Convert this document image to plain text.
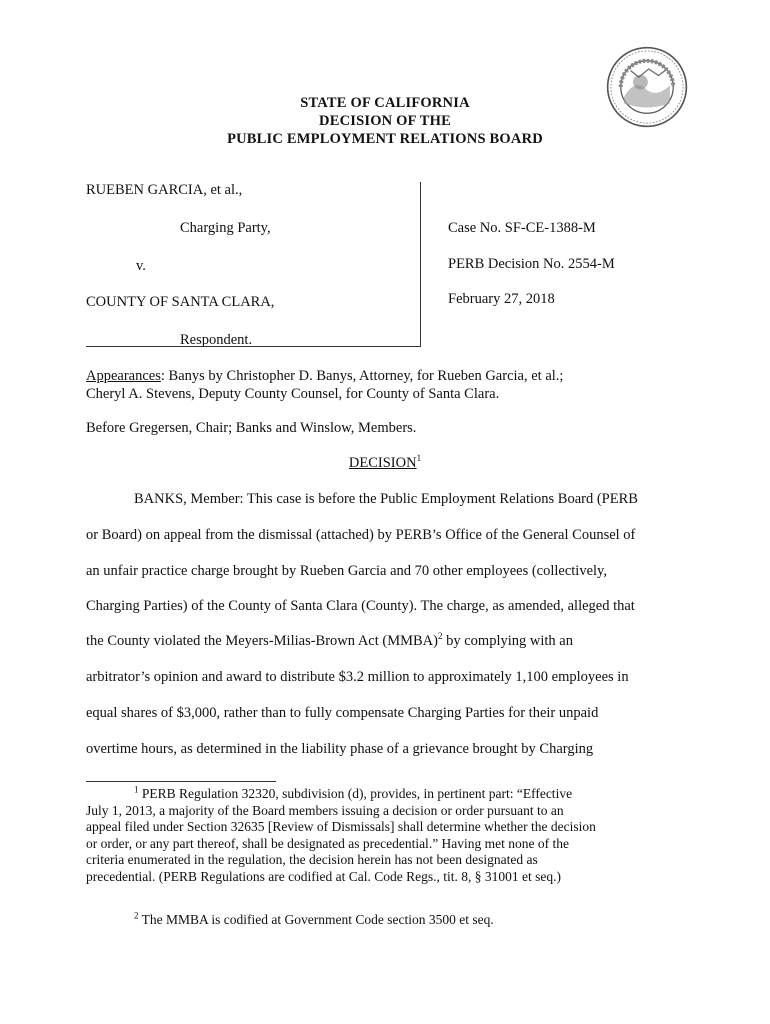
STATE OF CALIFORNIA
DECISION OF THE
PUBLIC EMPLOYMENT RELATIONS BOARD
RUEBEN GARCIA, et al.,
Charging Party,
v.
COUNTY OF SANTA CLARA,
Respondent.
Case No. SF-CE-1388-M
PERB Decision No. 2554-M
February 27, 2018
Appearances: Banys by Christopher D. Banys, Attorney, for Rueben Garcia, et al.;
Cheryl A. Stevens, Deputy County Counsel, for County of Santa Clara.
Before Gregersen, Chair; Banks and Winslow, Members.
DECISION$^1$
BANKS, Member: This case is before the Public Employment Relations Board (PERB
or Board) on appeal from the dismissal (attached) by PERB’s Office of the General Counsel of
an unfair practice charge brought by Rueben Garcia and 70 other employees (collectively,
Charging Parties) of the County of Santa Clara (County). The charge, as amended, alleged that
the County violated the Meyers-Milias-Brown Act (MMBA)$^2$ by complying with an
arbitrator’s opinion and award to distribute $3.2 million to approximately 1,100 employees in
equal shares of $3,000, rather than to fully compensate Charging Parties for their unpaid
overtime hours, as determined in the liability phase of a grievance brought by Charging
$^1$ PERB Regulation 32320, subdivision (d), provides, in pertinent part: “Effective
July 1, 2013, a majority of the Board members issuing a decision or order pursuant to an
appeal filed under Section 32635 [Review of Dismissals] shall determine whether the decision
or order, or any part thereof, shall be designated as precedential.” Having met none of the
criteria enumerated in the regulation, the decision herein has not been designated as
precedential. (PERB Regulations are codified at Cal. Code Regs., tit. 8, § 31001 et seq.)
$^2$ The MMBA is codified at Government Code section 3500 et seq.
